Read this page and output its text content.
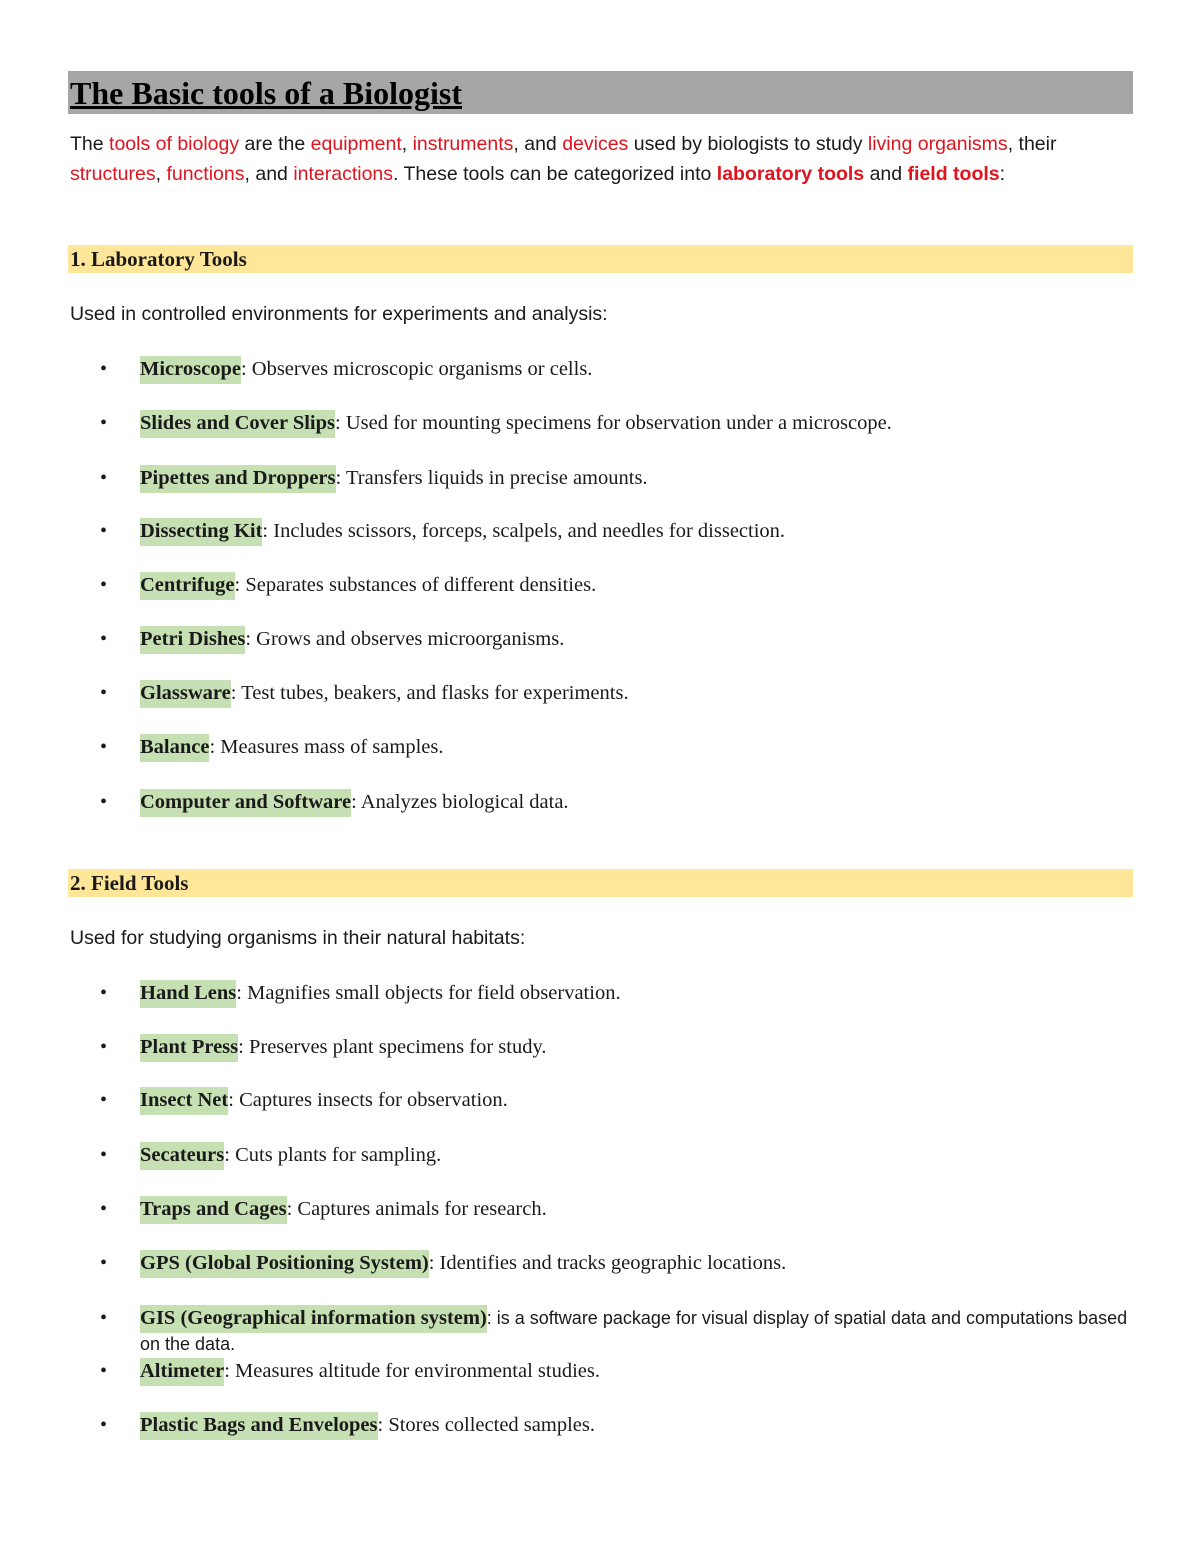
The Basic tools of a Biologist
The tools of biology are the equipment, instruments, and devices used by biologists to study living organisms, their structures, functions, and interactions. These tools can be categorized into laboratory tools and field tools:
1. Laboratory Tools
Used in controlled environments for experiments and analysis:
• Microscope: Observes microscopic organisms or cells.
• Slides and Cover Slips: Used for mounting specimens for observation under a microscope.
• Pipettes and Droppers: Transfers liquids in precise amounts.
• Dissecting Kit: Includes scissors, forceps, scalpels, and needles for dissection.
• Centrifuge: Separates substances of different densities.
• Petri Dishes: Grows and observes microorganisms.
• Glassware: Test tubes, beakers, and flasks for experiments.
• Balance: Measures mass of samples.
• Computer and Software: Analyzes biological data.
2. Field Tools
Used for studying organisms in their natural habitats:
• Hand Lens: Magnifies small objects for field observation.
• Plant Press: Preserves plant specimens for study.
• Insect Net: Captures insects for observation.
• Secateurs: Cuts plants for sampling.
• Traps and Cages: Captures animals for research.
• GPS (Global Positioning System): Identifies and tracks geographic locations.
• GIS (Geographical information system): is a software package for visual display of spatial data and computations based on the data.
• Altimeter: Measures altitude for environmental studies.
• Plastic Bags and Envelopes: Stores collected samples.
